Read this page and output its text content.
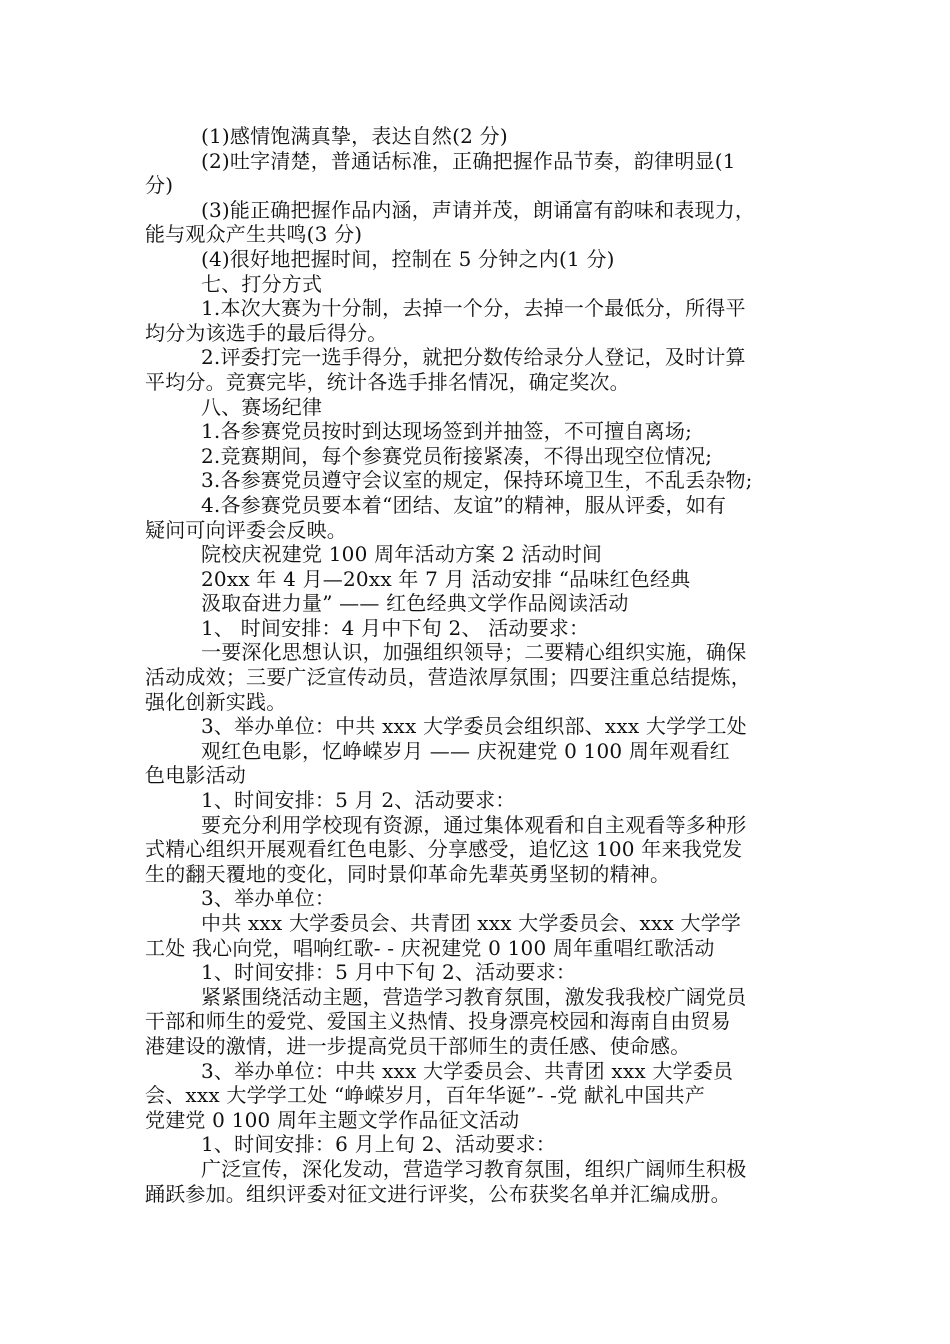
(1)感情饱满真挚，表达自然(2 分)
(2)吐字清楚，普通话标准，正确把握作品节奏，韵律明显(1
分)
(3)能正确把握作品内涵，声请并茂，朗诵富有韵味和表现力，
能与观众产生共鸣(3 分)
(4)很好地把握时间，控制在 5 分钟之内(1 分)
七、打分方式
1.本次大赛为十分制，去掉一个分，去掉一个最低分，所得平
均分为该选手的最后得分。
2.评委打完一选手得分，就把分数传给录分人登记，及时计算
平均分。竞赛完毕，统计各选手排名情况，确定奖次。
八、赛场纪律
1.各参赛党员按时到达现场签到并抽签，不可擅自离场;
2.竞赛期间，每个参赛党员衔接紧凑，不得出现空位情况;
3.各参赛党员遵守会议室的规定，保持环境卫生，不乱丢杂物;
4.各参赛党员要本着“团结、友谊”的精神，服从评委，如有
疑问可向评委会反映。
院校庆祝建党 100 周年活动方案 2 活动时间
20xx 年 4 月—20xx 年 7 月 活动安排 “品味红色经典
汲取奋进力量” —— 红色经典文学作品阅读活动
1、 时间安排：4 月中下旬 2、 活动要求：
一要深化思想认识，加强组织领导；二要精心组织实施，确保
活动成效；三要广泛宣传动员，营造浓厚氛围；四要注重总结提炼，
强化创新实践。
3、举办单位：中共 xxx 大学委员会组织部、xxx 大学学工处
观红色电影，忆峥嵘岁月 —— 庆祝建党 0 100 周年观看红
色电影活动
1、时间安排：5 月 2、活动要求：
要充分利用学校现有资源，通过集体观看和自主观看等多种形
式精心组织开展观看红色电影、分享感受，追忆这 100 年来我党发
生的翻天覆地的变化，同时景仰革命先辈英勇坚韧的精神。
3、举办单位：
中共 xxx 大学委员会、共青团 xxx 大学委员会、xxx 大学学
工处 我心向党，唱响红歌- - 庆祝建党 0 100 周年重唱红歌活动
1、时间安排：5 月中下旬 2、活动要求：
紧紧围绕活动主题，营造学习教育氛围，激发我我校广阔党员
干部和师生的爱党、爱国主义热情、投身漂亮校园和海南自由贸易
港建设的激情，进一步提高党员干部师生的责任感、使命感。
3、举办单位：中共 xxx 大学委员会、共青团 xxx 大学委员
会、xxx 大学学工处 “峥嵘岁月，百年华诞”- -党 献礼中国共产
党建党 0 100 周年主题文学作品征文活动
1、时间安排：6 月上旬 2、活动要求：
广泛宣传，深化发动，营造学习教育氛围，组织广阔师生积极
踊跃参加。组织评委对征文进行评奖，公布获奖名单并汇编成册。
